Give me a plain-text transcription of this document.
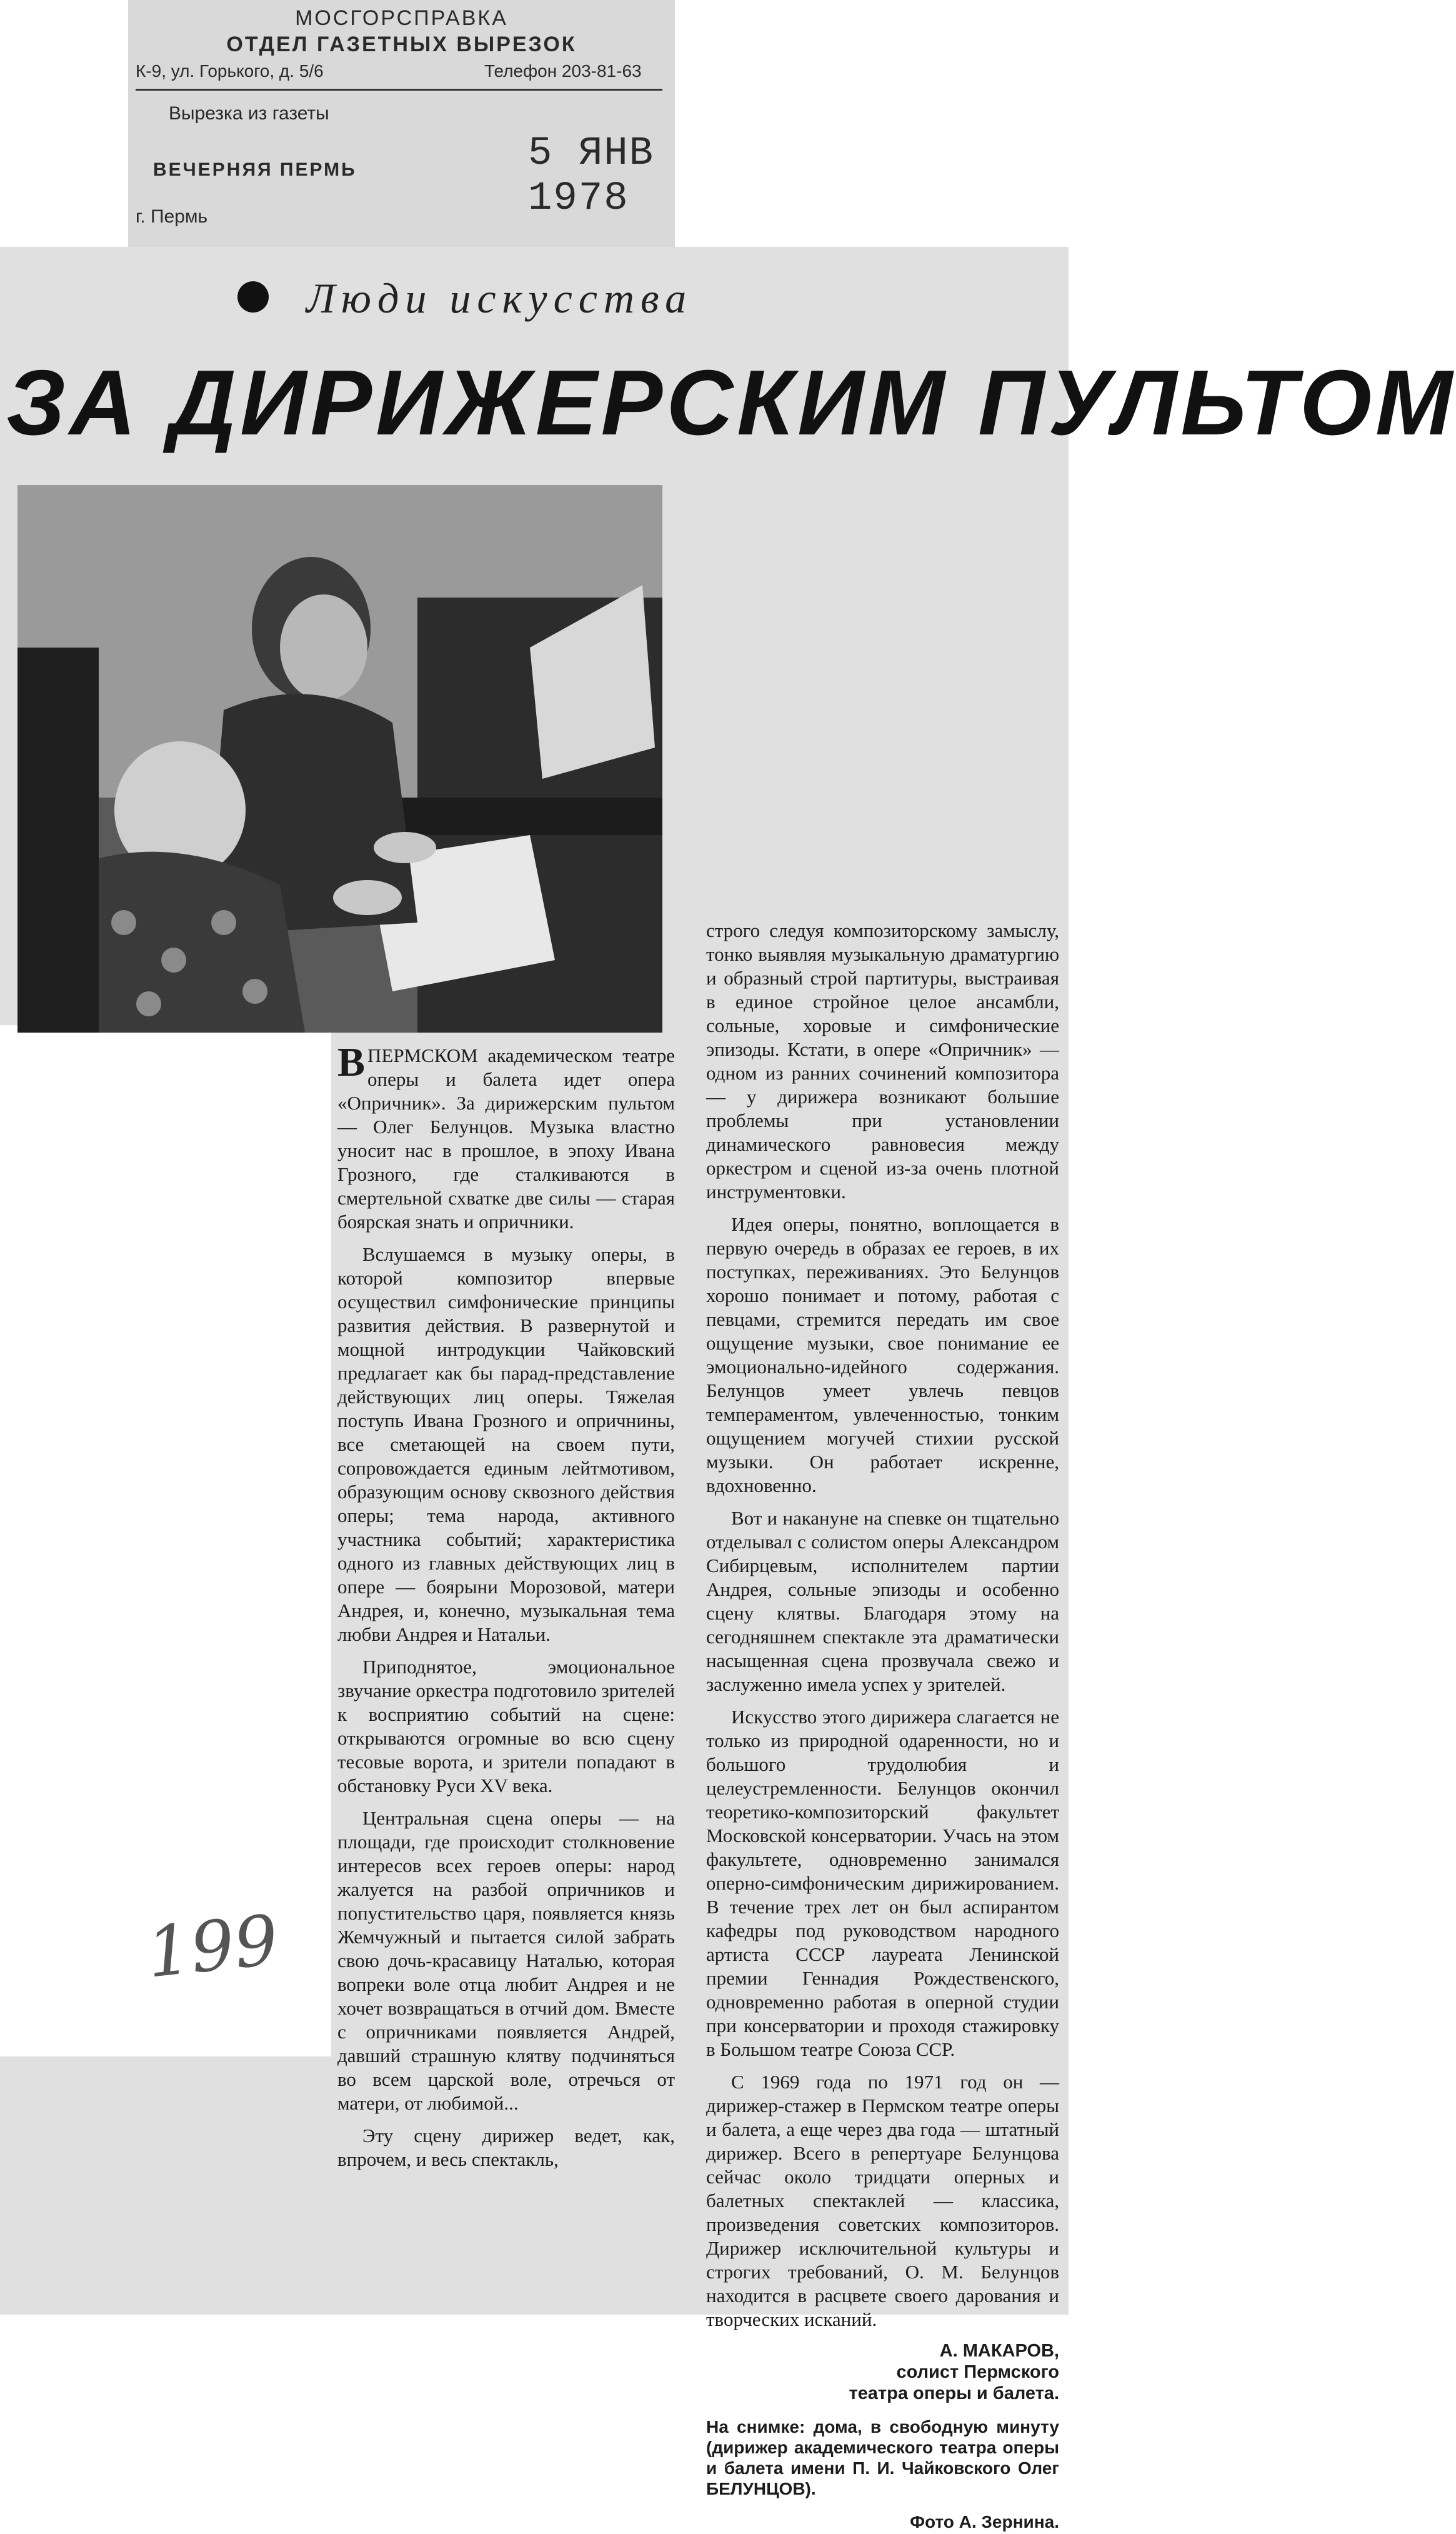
МОСГОРСПРАВКА
ОТДЕЛ ГАЗЕТНЫХ ВЫРЕЗОК
К-9, ул. Горького, д. 5/6	Телефон 203-81-63
Вырезка из газеты
ВЕЧЕРНЯЯ ПЕРМЬ	5 ЯНВ 1978
г. Пермь
Люди искусства
ЗА ДИРИЖЕРСКИМ ПУЛЬТОМ

ВПЕРМСКОМ академическом театре оперы и балета идет опера «Опричник». За дирижерским пультом — Олег Белунцов. Музыка властно уносит нас в прошлое, в эпоху Ивана Грозного, где сталкиваются в смертельной схватке две силы — старая боярская знать и опричники.

Вслушаемся в музыку оперы, в которой композитор впервые осуществил симфонические принципы развития действия. В развернутой и мощной интродукции Чайковский предлагает как бы парад-представление действующих лиц оперы. Тяжелая поступь Ивана Грозного и опричнины, все сметающей на своем пути, сопровождается единым лейтмотивом, образующим основу сквозного действия оперы; тема народа, активного участника событий; характеристика одного из главных действующих лиц в опере — боярыни Морозовой, матери Андрея, и, конечно, музыкальная тема любви Андрея и Натальи.

Приподнятое, эмоциональное звучание оркестра подготовило зрителей к восприятию событий на сцене: открываются огромные во всю сцену тесовые ворота, и зрители попадают в обстановку Руси XV века.

Центральная сцена оперы — на площади, где происходит столкновение интересов всех героев оперы: народ жалуется на разбой опричников и попустительство царя, появляется князь Жемчужный и пытается силой забрать свою дочь-красавицу Наталью, которая вопреки воле отца любит Андрея и не хочет возвращаться в отчий дом. Вместе с опричниками появляется Андрей, давший страшную клятву подчиняться во всем царской воле, отречься от матери, от любимой...

Эту сцену дирижер ведет, как, впрочем, и весь спектакль,

строго следуя композиторскому замыслу, тонко выявляя музыкальную драматургию и образный строй партитуры, выстраивая в единое стройное целое ансамбли, сольные, хоровые и симфонические эпизоды. Кстати, в опере «Опричник» — одном из ранних сочинений композитора — у дирижера возникают большие проблемы при установлении динамического равновесия между оркестром и сценой из-за очень плотной инструментовки.

Идея оперы, понятно, воплощается в первую очередь в образах ее героев, в их поступках, переживаниях. Это Белунцов хорошо понимает и потому, работая с певцами, стремится передать им свое ощущение музыки, свое понимание ее эмоционально-идейного содержания. Белунцов умеет увлечь певцов темпераментом, увлеченностью, тонким ощущением могучей стихии русской музыки. Он работает искренне, вдохновенно.

Вот и накануне на спевке он тщательно отделывал с солистом оперы Александром Сибирцевым, исполнителем партии Андрея, сольные эпизоды и особенно сцену клятвы. Благодаря этому на сегодняшнем спектакле эта драматически насыщенная сцена прозвучала свежо и заслуженно имела успех у зрителей.

Искусство этого дирижера слагается не только из природной одаренности, но и большого трудолюбия и целеустремленности. Белунцов окончил теоретико-композиторский факультет Московской консерватории. Учась на этом факультете, одновременно занимался оперно-симфоническим дирижированием. В течение трех лет он был аспирантом кафедры под руководством народного артиста СССР лауреата Ленинской премии Геннадия Рождественского, одновременно работая в оперной студии при консерватории и проходя стажировку в Большом театре Союза ССР.

С 1969 года по 1971 год он — дирижер-стажер в Пермском театре оперы и балета, а еще через два года — штатный дирижер. Всего в репертуаре Белунцова сейчас около тридцати оперных и балетных спектаклей — классика, произведения советских композиторов. Дирижер исключительной культуры и строгих требований, О. М. Белунцов находится в расцвете своего дарования и творческих исканий.

А. МАКАРОВ,
солист Пермского
театра оперы и балета.
На снимке: дома, в свободную минуту (дирижер академического театра оперы и балета имени П. И. Чайковского Олег БЕЛУНЦОВ).
Фото А. Зернина.
199
